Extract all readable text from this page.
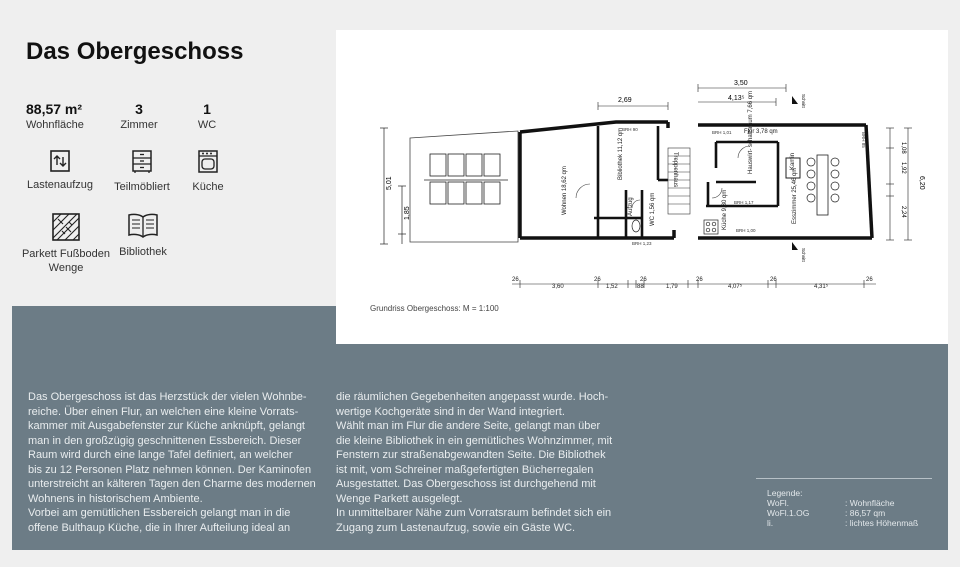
Das Obergeschoss
88,57 m²
Wohnfläche
3
Zimmer
1
WC
Lastenaufzug	Teilmöbliert	Küche
Parkett Fußboden Wenge
Bibliothek
5,01
1,85	Wohnen 18,62 qm
Bibliothek 11,12 qm	Flur 3,78 qm
Hauswirt- schaftsraum 7,66 qm
Küche 9,30 qm	Esszimmer 25,46 qm
WC 1,56 qm
Aufzug
Treppenhaus	Kamin
BRH 90
BRH 1,01
BRH 1,17
BRH 1,00
BRH 1,23
BRH 85
2,69
3,50
4,13⁵	Schnitt
Schnitt
1,08
1,92
2,24
6,20
26
3,60
26
1,52	88
26
1,79
26
4,07⁵
26
4,31⁵
26
Grundriss Obergeschoss: M = 1:100

Das Obergeschoss ist das Herzstück der vielen Wohnbe-
reiche. Über einen Flur, an welchen eine kleine Vorrats-
kammer mit Ausgabefenster zur Küche anknüpft, gelangt
man in den großzügig geschnittenen Essbereich. Dieser
Raum wird durch eine lange Tafel definiert, an welcher
bis zu 12 Personen Platz nehmen können. Der Kaminofen
unterstreicht an kälteren Tagen den Charme des modernen
Wohnens in historischem Ambiente.
Vorbei am gemütlichen Essbereich gelangt man in die
offene Bulthaup Küche, die in Ihrer Aufteilung ideal an

die räumlichen Gegebenheiten angepasst wurde. Hoch-
wertige Kochgeräte sind in der Wand integriert.
Wählt man im Flur die andere Seite, gelangt man über
die kleine Bibliothek in ein gemütliches Wohnzimmer, mit
Fenstern zur straßenabgewandten Seite. Die Bibliothek
ist mit, vom Schreiner maßgefertigten Bücherregalen
Ausgestattet. Das Obergeschoss ist durchgehend mit
Wenge Parkett ausgelegt.
In unmittelbarer Nähe zum Vorratsraum befindet sich ein
Zugang zum Lastenaufzug, sowie ein Gäste WC.

Legende:
WoFl.	: Wohnfläche
WoFl.1.OG	: 86,57 qm
li.	: lichtes Höhenmaß
